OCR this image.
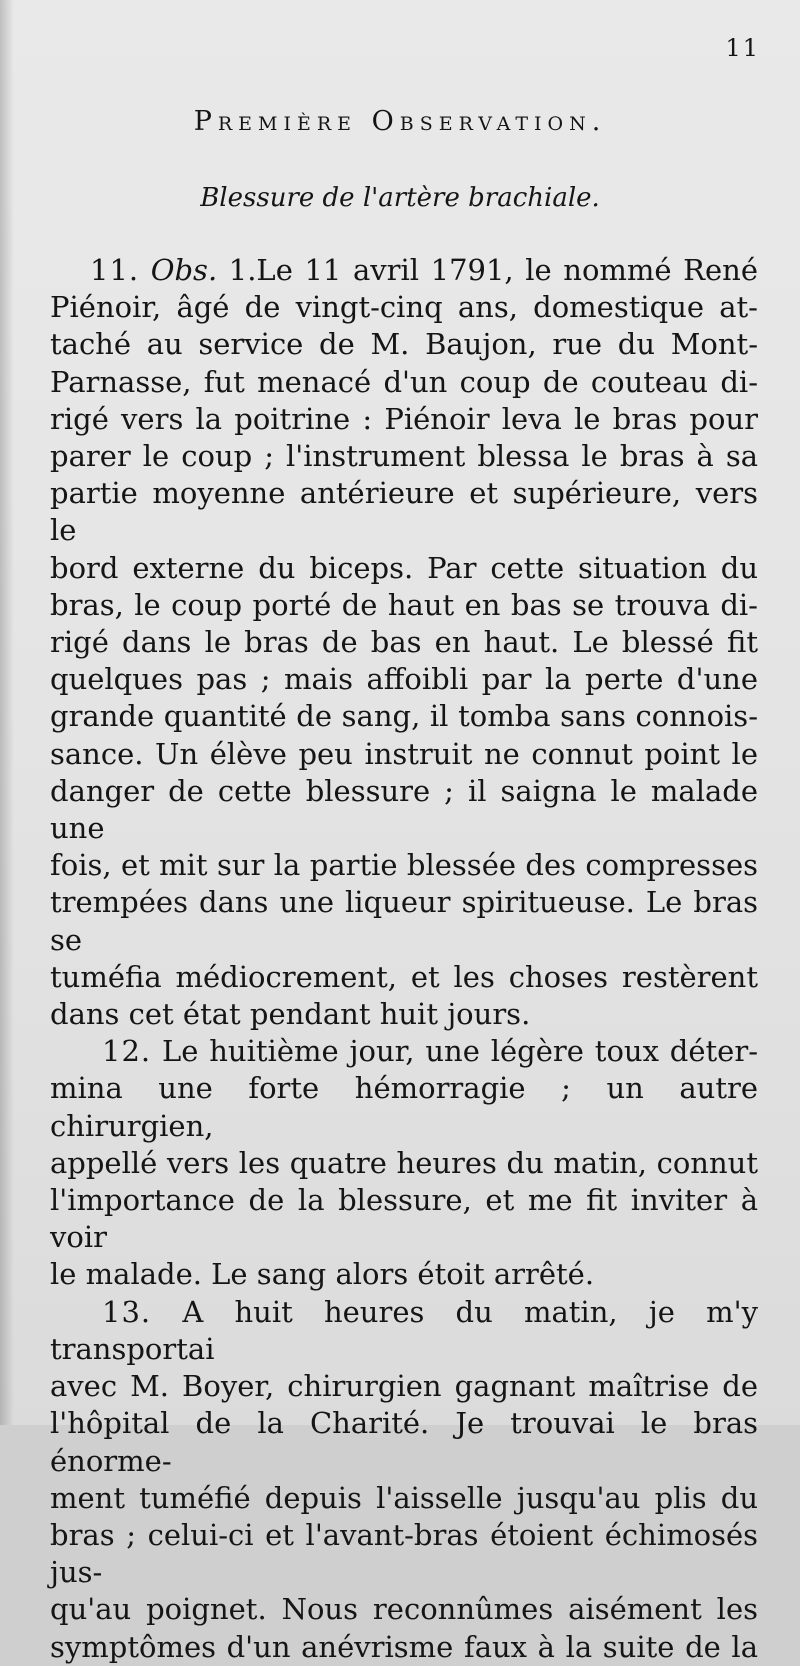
11
Première Observation.
Blessure de l'artère brachiale.

11. Obs. 1.Le 11 avril 1791, le nommé René

Piénoir, âgé de vingt-cinq ans, domestique at-

taché au service de M. Baujon, rue du Mont-

Parnasse, fut menacé d'un coup de couteau di-

rigé vers la poitrine : Piénoir leva le bras pour

parer le coup ; l'instrument blessa le bras à sa

partie moyenne antérieure et supérieure, vers le

bord externe du biceps. Par cette situation du

bras, le coup porté de haut en bas se trouva di-

rigé dans le bras de bas en haut. Le blessé fit

quelques pas ; mais affoibli par la perte d'une

grande quantité de sang, il tomba sans connois-

sance. Un élève peu instruit ne connut point le

danger de cette blessure ; il saigna le malade une

fois, et mit sur la partie blessée des compresses

trempées dans une liqueur spiritueuse. Le bras se

tuméfia médiocrement, et les choses restèrent

dans cet état pendant huit jours.

12. Le huitième jour, une légère toux déter-

mina une forte hémorragie ; un autre chirurgien,

appellé vers les quatre heures du matin, connut

l'importance de la blessure, et me fit inviter à voir

le malade. Le sang alors étoit arrêté.

13. A huit heures du matin, je m'y transportai

avec M. Boyer, chirurgien gagnant maîtrise de

l'hôpital de la Charité. Je trouvai le bras énorme-

ment tuméfié depuis l'aisselle jusqu'au plis du

bras ; celui-ci et l'avant-bras étoient échimosés jus-

qu'au poignet. Nous reconnûmes aisément les

symptômes d'un anévrisme faux à la suite de la
